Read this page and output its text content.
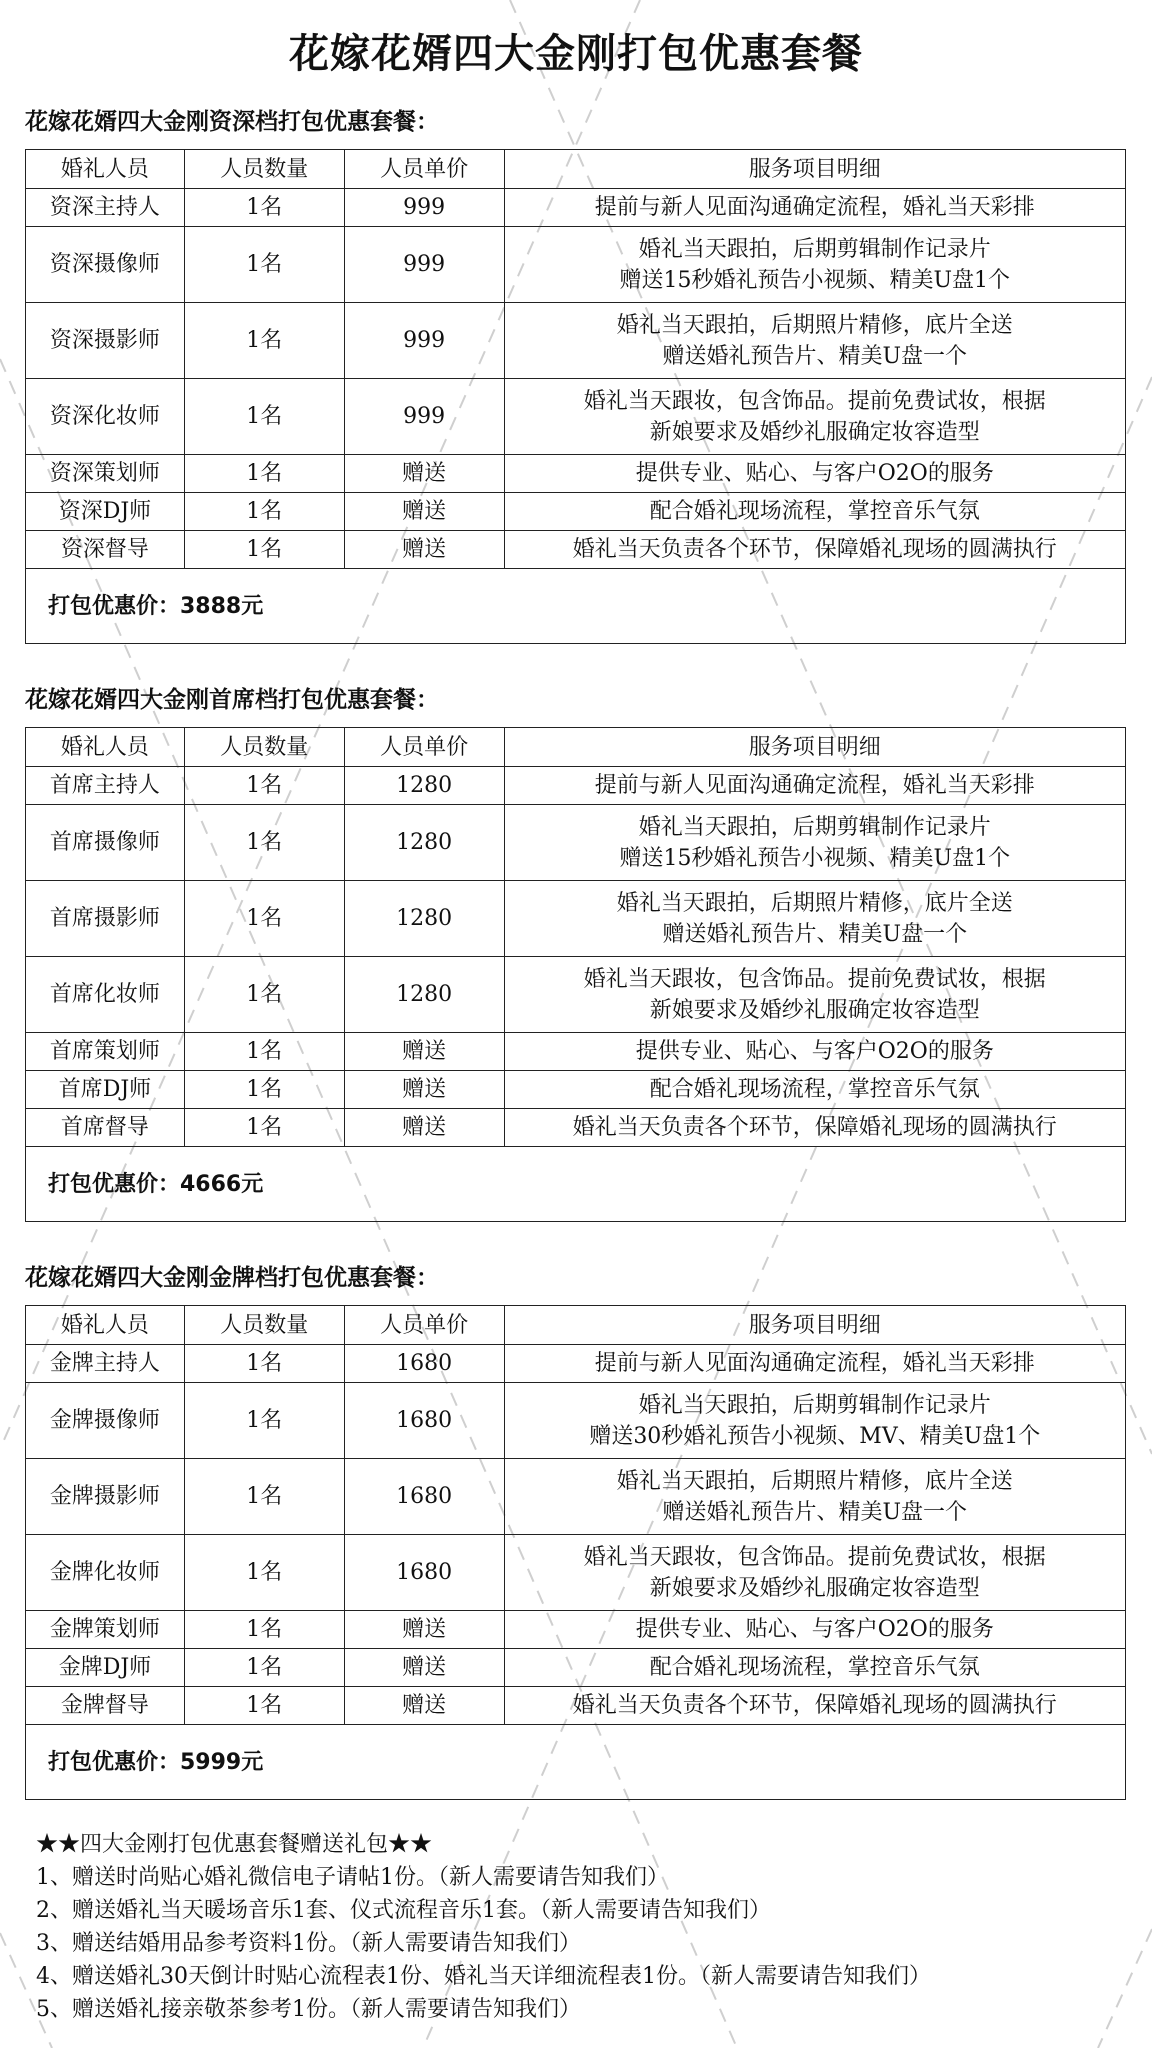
花嫁花婿四大金刚打包优惠套餐
花嫁花婿四大金刚资深档打包优惠套餐：
婚礼人员	人员数量	人员单价	服务项目明细
资深主持人	1名	999	提前与新人见面沟通确定流程，婚礼当天彩排
资深摄像师	1名	999	婚礼当天跟拍，后期剪辑制作记录片
赠送15秒婚礼预告小视频、精美U盘1个
资深摄影师	1名	999	婚礼当天跟拍，后期照片精修，底片全送
赠送婚礼预告片、精美U盘一个
资深化妆师	1名	999	婚礼当天跟妆，包含饰品。提前免费试妆，根据
新娘要求及婚纱礼服确定妆容造型
资深策划师	1名	赠送	提供专业、贴心、与客户O2O的服务
资深DJ师	1名	赠送	配合婚礼现场流程，掌控音乐气氛
资深督导	1名	赠送	婚礼当天负责各个环节，保障婚礼现场的圆满执行
打包优惠价：3888元			
花嫁花婿四大金刚首席档打包优惠套餐：
婚礼人员	人员数量	人员单价	服务项目明细
首席主持人	1名	1280	提前与新人见面沟通确定流程，婚礼当天彩排
首席摄像师	1名	1280	婚礼当天跟拍，后期剪辑制作记录片
赠送15秒婚礼预告小视频、精美U盘1个
首席摄影师	1名	1280	婚礼当天跟拍，后期照片精修，底片全送
赠送婚礼预告片、精美U盘一个
首席化妆师	1名	1280	婚礼当天跟妆，包含饰品。提前免费试妆，根据
新娘要求及婚纱礼服确定妆容造型
首席策划师	1名	赠送	提供专业、贴心、与客户O2O的服务
首席DJ师	1名	赠送	配合婚礼现场流程，掌控音乐气氛
首席督导	1名	赠送	婚礼当天负责各个环节，保障婚礼现场的圆满执行
打包优惠价：4666元			
花嫁花婿四大金刚金牌档打包优惠套餐：
婚礼人员	人员数量	人员单价	服务项目明细
金牌主持人	1名	1680	提前与新人见面沟通确定流程，婚礼当天彩排
金牌摄像师	1名	1680	婚礼当天跟拍，后期剪辑制作记录片
赠送30秒婚礼预告小视频、MV、精美U盘1个
金牌摄影师	1名	1680	婚礼当天跟拍，后期照片精修，底片全送
赠送婚礼预告片、精美U盘一个
金牌化妆师	1名	1680	婚礼当天跟妆，包含饰品。提前免费试妆，根据
新娘要求及婚纱礼服确定妆容造型
金牌策划师	1名	赠送	提供专业、贴心、与客户O2O的服务
金牌DJ师	1名	赠送	配合婚礼现场流程，掌控音乐气氛
金牌督导	1名	赠送	婚礼当天负责各个环节，保障婚礼现场的圆满执行
打包优惠价：5999元			
★★四大金刚打包优惠套餐赠送礼包★★
1、赠送时尚贴心婚礼微信电子请帖1份。（新人需要请告知我们）
2、赠送婚礼当天暖场音乐1套、仪式流程音乐1套。（新人需要请告知我们）
3、赠送结婚用品参考资料1份。（新人需要请告知我们）
4、赠送婚礼30天倒计时贴心流程表1份、婚礼当天详细流程表1份。（新人需要请告知我们）
5、赠送婚礼接亲敬茶参考1份。（新人需要请告知我们）
